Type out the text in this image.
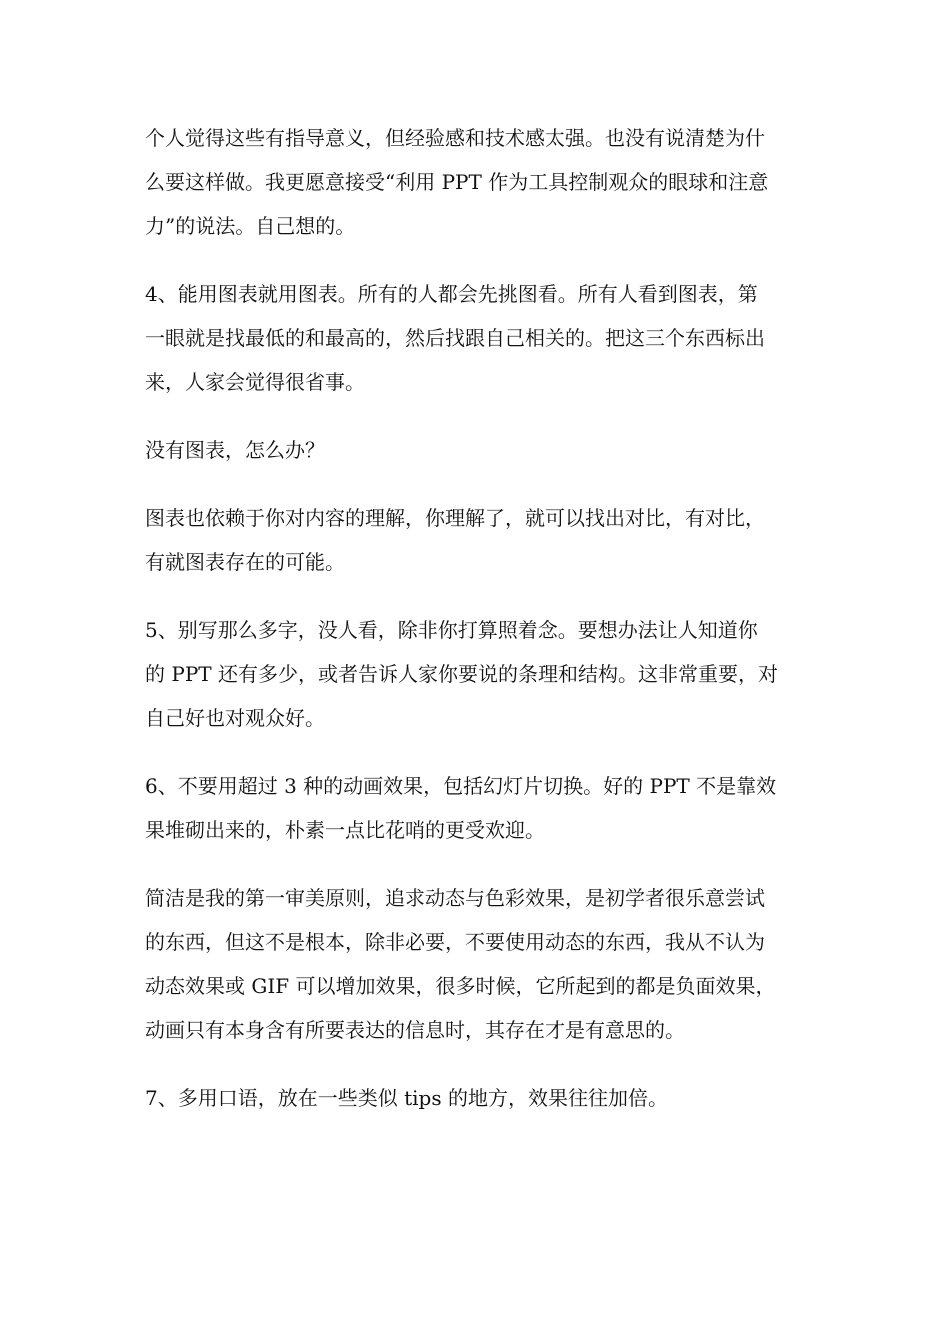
个人觉得这些有指导意义，但经验感和技术感太强。也没有说清楚为什
么要这样做。我更愿意接受“利用 PPT 作为工具控制观众的眼球和注意
力”的说法。自己想的。

4、能用图表就用图表。所有的人都会先挑图看。所有人看到图表，第
一眼就是找最低的和最高的，然后找跟自己相关的。把这三个东西标出
来，人家会觉得很省事。

没有图表，怎么办？

图表也依赖于你对内容的理解，你理解了，就可以找出对比，有对比，
有就图表存在的可能。

5、别写那么多字，没人看，除非你打算照着念。要想办法让人知道你
的 PPT 还有多少，或者告诉人家你要说的条理和结构。这非常重要，对
自己好也对观众好。

6、不要用超过 3 种的动画效果，包括幻灯片切换。好的 PPT 不是靠效
果堆砌出来的，朴素一点比花哨的更受欢迎。

简洁是我的第一审美原则，追求动态与色彩效果，是初学者很乐意尝试
的东西，但这不是根本，除非必要，不要使用动态的东西，我从不认为
动态效果或 GIF 可以增加效果，很多时候，它所起到的都是负面效果，
动画只有本身含有所要表达的信息时，其存在才是有意思的。

7、多用口语，放在一些类似 tips 的地方，效果往往加倍。
